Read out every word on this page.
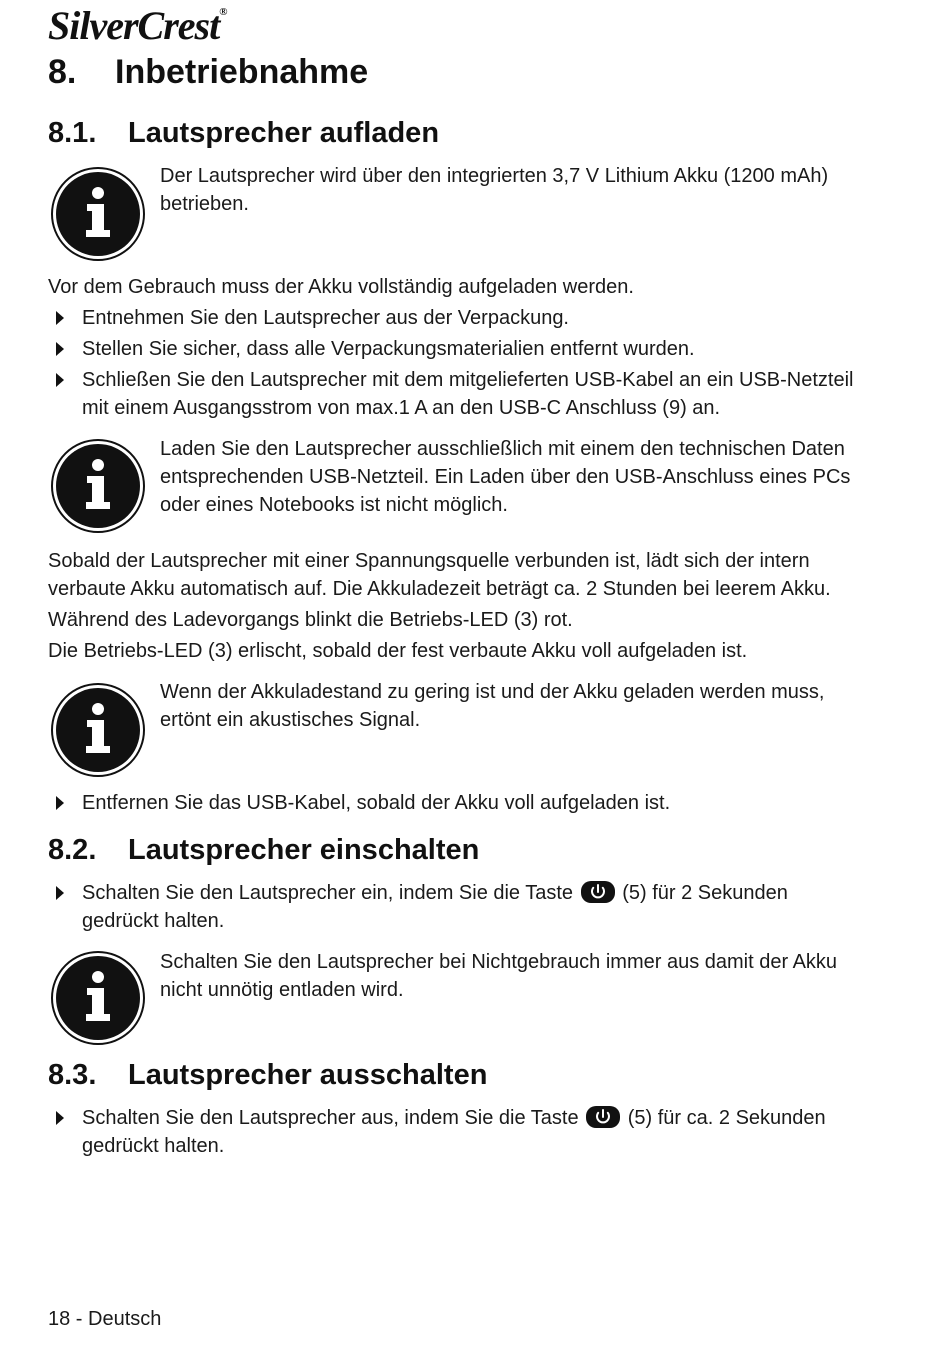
SilverCrest®
8. Inbetriebnahme
8.1. Lautsprecher aufladen
Der Lautsprecher wird über den integrierten 3,7 V Lithium Akku (1200 mAh) betrieben.
Vor dem Gebrauch muss der Akku vollständig aufgeladen werden.
Entnehmen Sie den Lautsprecher aus der Verpackung.
Stellen Sie sicher, dass alle Verpackungsmaterialien entfernt wurden.
Schließen Sie den Lautsprecher mit dem mitgelieferten USB-Kabel an ein USB-Netzteil mit einem Ausgangsstrom von max.1 A an den USB-C Anschluss (9) an.
Laden Sie den Lautsprecher ausschließlich mit einem den technischen Daten entsprechenden USB-Netzteil. Ein Laden über den USB-Anschluss eines PCs oder eines Notebooks ist nicht möglich.
Sobald der Lautsprecher mit einer Spannungsquelle verbunden ist, lädt sich der intern verbaute Akku automatisch auf. Die Akkuladezeit beträgt ca. 2 Stunden bei leerem Akku.
Während des Ladevorgangs blinkt die Betriebs-LED (3) rot.
Die Betriebs-LED (3) erlischt, sobald der fest verbaute Akku voll aufgeladen ist.
Wenn der Akkuladestand zu gering ist und der Akku geladen werden muss, ertönt ein akustisches Signal.
Entfernen Sie das USB-Kabel, sobald der Akku voll aufgeladen ist.
8.2. Lautsprecher einschalten
Schalten Sie den Lautsprecher ein, indem Sie die Taste (5) für 2 Sekunden gedrückt halten.
Schalten Sie den Lautsprecher bei Nichtgebrauch immer aus damit der Akku nicht unnötig entladen wird.
8.3. Lautsprecher ausschalten
Schalten Sie den Lautsprecher aus, indem Sie die Taste (5) für ca. 2 Sekunden gedrückt halten.
18 - Deutsch
